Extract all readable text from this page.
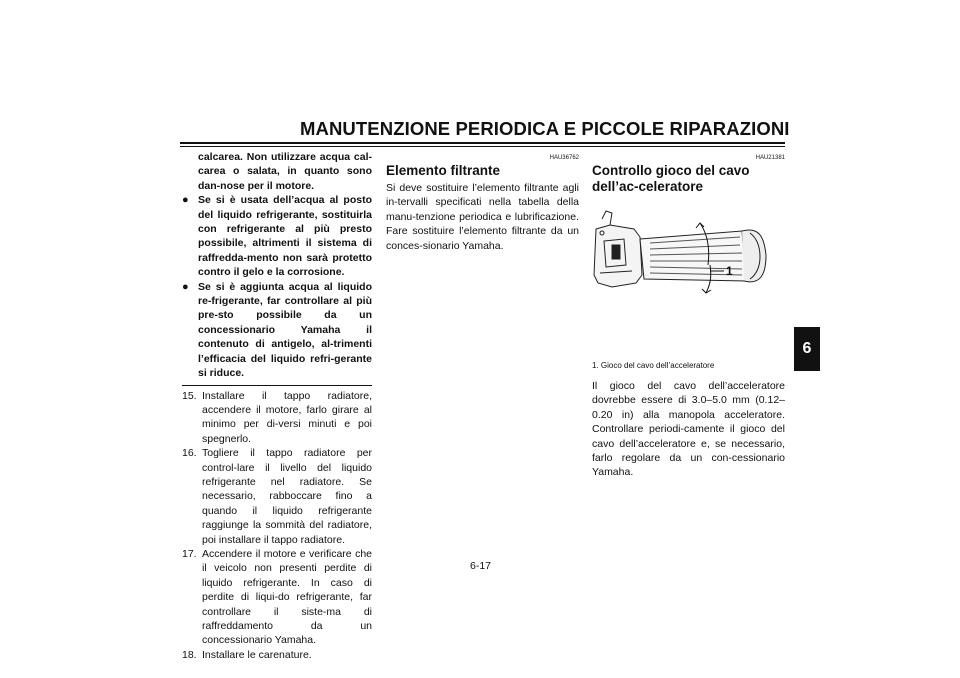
MANUTENZIONE PERIODICA E PICCOLE RIPARAZIONI
6

calcarea. Non utilizzare acqua cal-carea o salata, in quanto sono dan-nose per il motore.

● Se si è usata dell’acqua al posto del liquido refrigerante, sostituirla con refrigerante al più presto possibile, altrimenti il sistema di raffredda-mento non sarà protetto contro il gelo e la corrosione.

● Se si è aggiunta acqua al liquido re-frigerante, far controllare al più pre-sto possibile da un concessionario Yamaha il contenuto di antigelo, al-trimenti l’efficacia del liquido refri-gerante si riduce.

15. Installare il tappo radiatore, accendere il motore, farlo girare al minimo per di-versi minuti e poi spegnerlo.
16. Togliere il tappo radiatore per control-lare il livello del liquido refrigerante nel radiatore. Se necessario, rabboccare fino a quando il liquido refrigerante raggiunge la sommità del radiatore, poi installare il tappo radiatore.
17. Accendere il motore e verificare che il veicolo non presenti perdite di liquido refrigerante. In caso di perdite di liqui-do refrigerante, far controllare il siste-ma di raffreddamento da un concessionario Yamaha.
18. Installare le carenature.
HAU36762
Elemento filtrante

Si deve sostituire l’elemento filtrante agli in-tervalli specificati nella tabella della manu-tenzione periodica e lubrificazione. Fare sostituire l’elemento filtrante da un conces-sionario Yamaha.

HAU21381
Controllo gioco del cavo dell’ac-celeratore
1
1. Gioco del cavo dell’acceleratore

Il gioco del cavo dell’acceleratore dovrebbe essere di 3.0–5.0 mm (0.12–0.20 in) alla manopola acceleratore. Controllare periodi-camente il gioco del cavo dell’acceleratore e, se necessario, farlo regolare da un con-cessionario Yamaha.

6-17
